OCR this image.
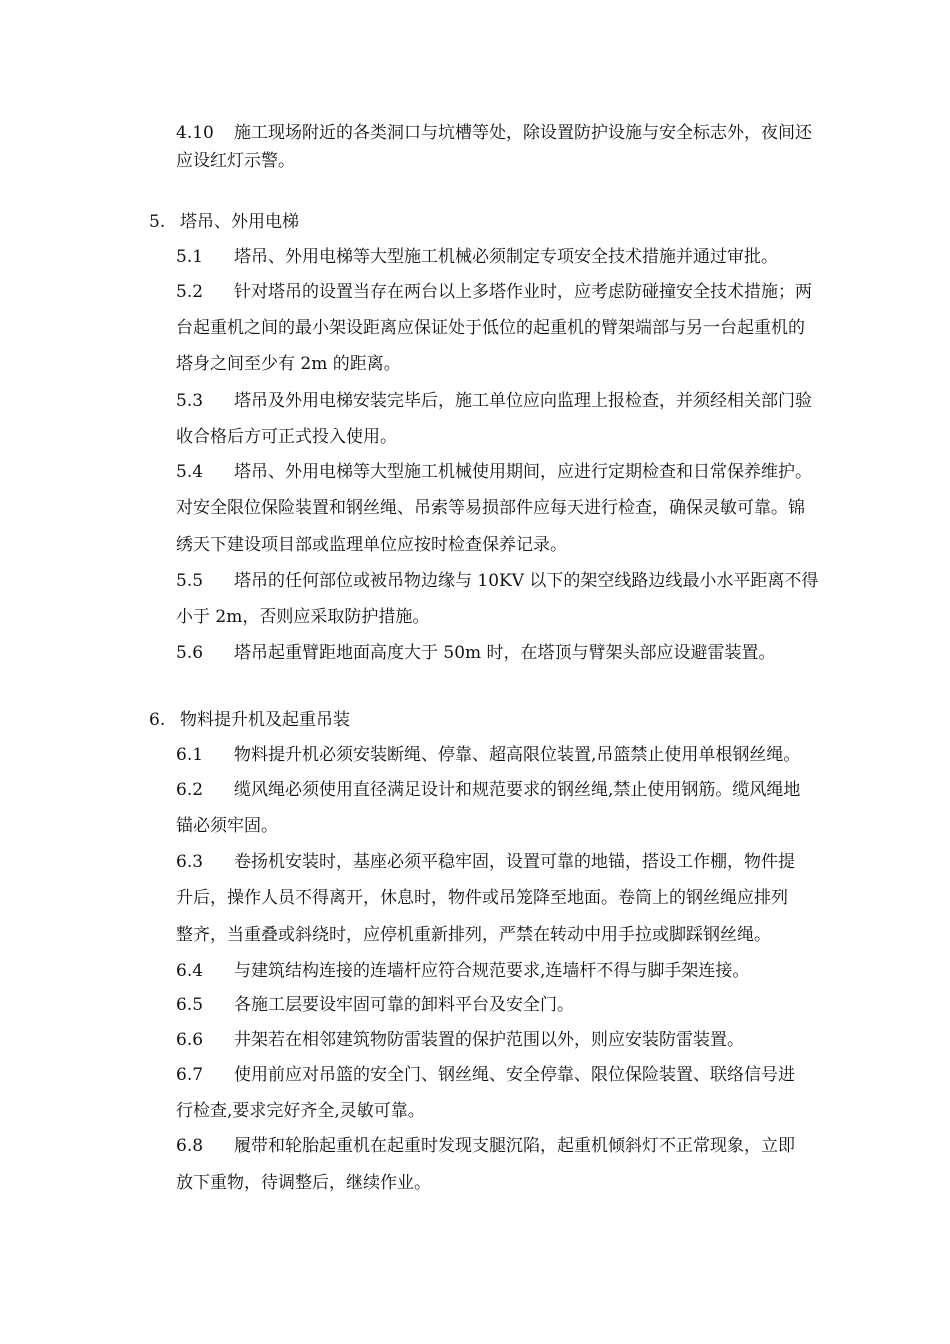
4.10 施工现场附近的各类洞口与坑槽等处，除设置防护设施与安全标志外，夜间还
应设红灯示警。
5. 塔吊、外用电梯
5.1 塔吊、外用电梯等大型施工机械必须制定专项安全技术措施并通过审批。
5.2 针对塔吊的设置当存在两台以上多塔作业时，应考虑防碰撞安全技术措施；两
台起重机之间的最小架设距离应保证处于低位的起重机的臂架端部与另一台起重机的
塔身之间至少有 2m 的距离。
5.3 塔吊及外用电梯安装完毕后，施工单位应向监理上报检查，并须经相关部门验
收合格后方可正式投入使用。
5.4 塔吊、外用电梯等大型施工机械使用期间，应进行定期检查和日常保养维护。
对安全限位保险装置和钢丝绳、吊索等易损部件应每天进行检查，确保灵敏可靠。锦
绣天下建设项目部或监理单位应按时检查保养记录。
5.5 塔吊的任何部位或被吊物边缘与 10KV 以下的架空线路边线最小水平距离不得
小于 2m，否则应采取防护措施。
5.6 塔吊起重臂距地面高度大于 50m 时，在塔顶与臂架头部应设避雷装置。
6. 物料提升机及起重吊装
6.1 物料提升机必须安装断绳、停靠、超高限位装置,吊篮禁止使用单根钢丝绳。
6.2 缆风绳必须使用直径满足设计和规范要求的钢丝绳,禁止使用钢筋。缆风绳地
锚必须牢固。
6.3 卷扬机安装时，基座必须平稳牢固，设置可靠的地锚，搭设工作棚，物件提
升后，操作人员不得离开，休息时，物件或吊笼降至地面。卷筒上的钢丝绳应排列
整齐，当重叠或斜绕时，应停机重新排列，严禁在转动中用手拉或脚踩钢丝绳。
6.4 与建筑结构连接的连墙杆应符合规范要求,连墙杆不得与脚手架连接。
6.5 各施工层要设牢固可靠的卸料平台及安全门。
6.6 井架若在相邻建筑物防雷装置的保护范围以外，则应安装防雷装置。
6.7 使用前应对吊篮的安全门、钢丝绳、安全停靠、限位保险装置、联络信号进
行检查,要求完好齐全,灵敏可靠。
6.8 履带和轮胎起重机在起重时发现支腿沉陷，起重机倾斜灯不正常现象，立即
放下重物，待调整后，继续作业。
